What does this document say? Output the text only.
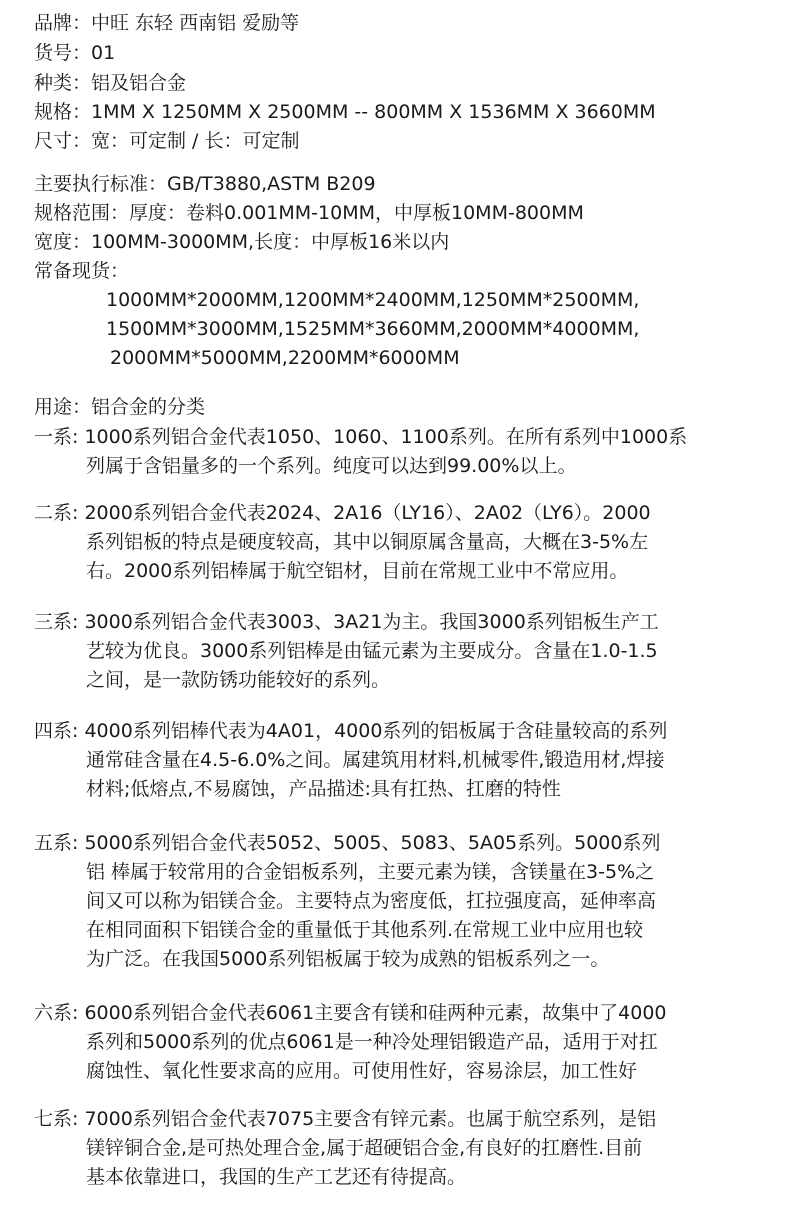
品牌：中旺 东轻 西南铝 爱励等
货号：01
种类：铝及铝合金
规格：1MM X 1250MM X 2500MM -- 800MM X 1536MM X 3660MM
尺寸：宽：可定制 / 长：可定制
主要执行标准：GB/T3880,ASTM B209
规格范围：厚度：卷料0.001MM-10MM，中厚板10MM-800MM
宽度：100MM-3000MM,长度：中厚板16米以内
常备现货：
1000MM*2000MM,1200MM*2400MM,1250MM*2500MM,
1500MM*3000MM,1525MM*3660MM,2000MM*4000MM,
2000MM*5000MM,2200MM*6000MM
用途：铝合金的分类
一系: 1000系列铝合金代表1050、1060、1100系列。在所有系列中1000系
列属于含铝量多的一个系列。纯度可以达到99.00%以上。
二系: 2000系列铝合金代表2024、2A16（LY16）、2A02（LY6）。2000
系列铝板的特点是硬度较高，其中以铜原属含量高，大概在3-5%左
右。2000系列铝棒属于航空铝材，目前在常规工业中不常应用。
三系: 3000系列铝合金代表3003、3A21为主。我国3000系列铝板生产工
艺较为优良。3000系列铝棒是由锰元素为主要成分。含量在1.0-1.5
之间，是一款防锈功能较好的系列。
四系: 4000系列铝棒代表为4A01，4000系列的铝板属于含硅量较高的系列
通常硅含量在4.5-6.0%之间。属建筑用材料,机械零件,锻造用材,焊接
材料;低熔点,不易腐蚀，产品描述:具有扛热、扛磨的特性
五系: 5000系列铝合金代表5052、5005、5083、5A05系列。5000系列
铝 棒属于较常用的合金铝板系列，主要元素为镁，含镁量在3-5%之
间又可以称为铝镁合金。主要特点为密度低，扛拉强度高，延伸率高
在相同面积下铝镁合金的重量低于其他系列.在常规工业中应用也较
为广泛。在我国5000系列铝板属于较为成熟的铝板系列之一。
六系: 6000系列铝合金代表6061主要含有镁和硅两种元素，故集中了4000
系列和5000系列的优点6061是一种冷处理铝锻造产品，适用于对扛
腐蚀性、氧化性要求高的应用。可使用性好，容易涂层，加工性好
七系: 7000系列铝合金代表7075主要含有锌元素。也属于航空系列，是铝
镁锌铜合金,是可热处理合金,属于超硬铝合金,有良好的扛磨性.目前
基本依靠进口，我国的生产工艺还有待提高。
